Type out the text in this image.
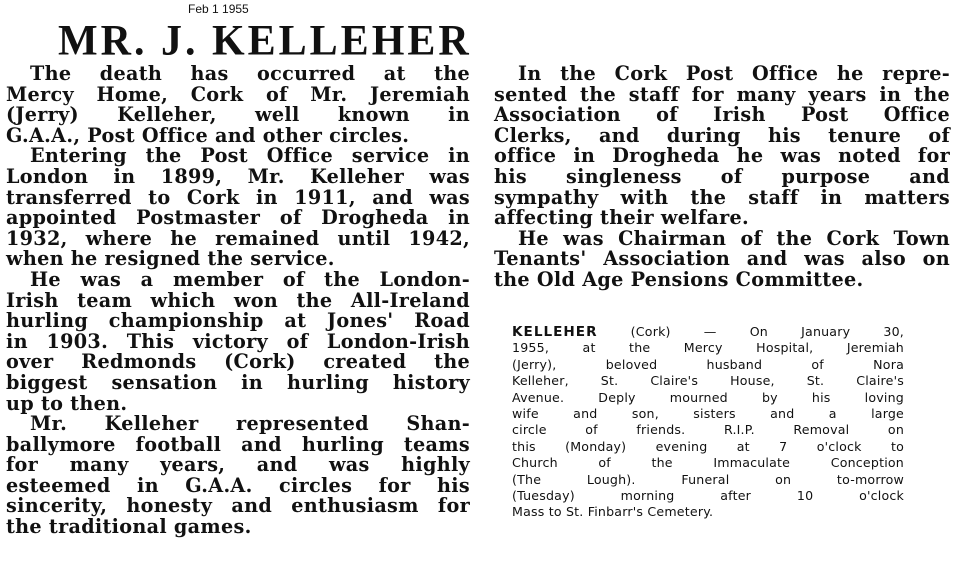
Feb 1 1955
MR. J. KELLEHER

The death has occurred at the
Mercy Home, Cork of Mr. Jeremiah
(Jerry) Kelleher, well known in
G.A.A., Post Office and other circles.

Entering the Post Office service in
London in 1899, Mr. Kelleher was
transferred to Cork in 1911, and was
appointed Postmaster of Drogheda in
1932, where he remained until 1942,
when he resigned the service.

He was a member of the London-
Irish team which won the All-Ireland
hurling championship at Jones' Road
in 1903. This victory of London-Irish
over Redmonds (Cork) created the
biggest sensation in hurling history
up to then.

Mr. Kelleher represented Shan-
ballymore football and hurling teams
for many years, and was highly
esteemed in G.A.A. circles for his
sincerity, honesty and enthusiasm for
the traditional games.

In the Cork Post Office he repre-
sented the staff for many years in the
Association of Irish Post Office
Clerks, and during his tenure of
office in Drogheda he was noted for
his singleness of purpose and
sympathy with the staff in matters
affecting their welfare.

He was Chairman of the Cork Town
Tenants' Association and was also on
the Old Age Pensions Committee.

KELLEHER (Cork) — On January 30,
1955, at the Mercy Hospital, Jeremiah
(Jerry), beloved husband of Nora
Kelleher, St. Claire's House, St. Claire's
Avenue. Deply mourned by his loving
wife and son, sisters and a large
circle of friends. R.I.P. Removal on
this (Monday) evening at 7 o'clock to
Church of the Immaculate Conception
(The Lough). Funeral on to-morrow
(Tuesday) morning after 10 o'clock
Mass to St. Finbarr's Cemetery.
